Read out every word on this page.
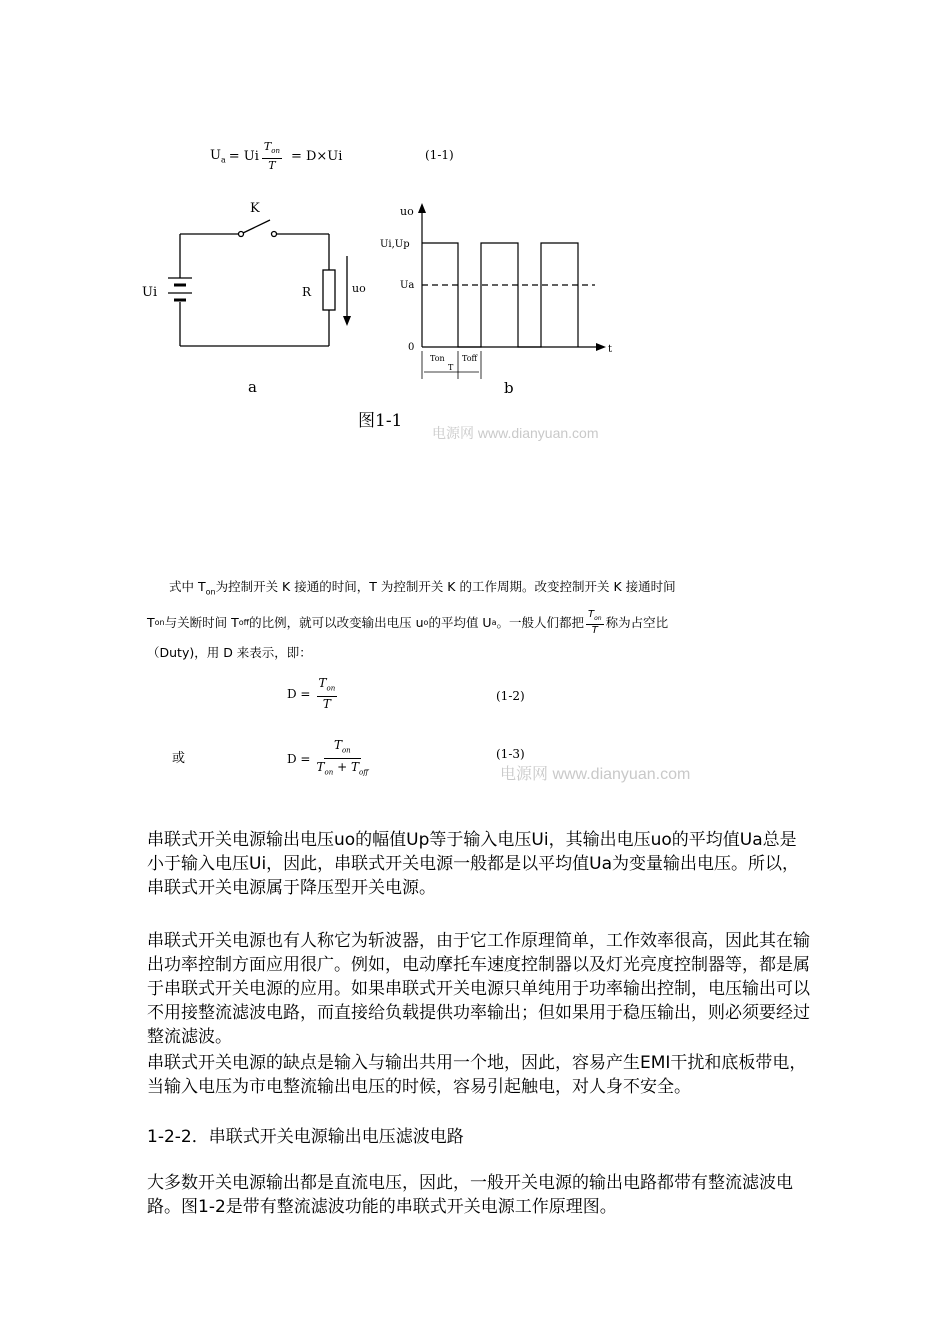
$U_a = Ui \frac{T_{on}}{T} = D\times Ui$	(1-1)
K
Ui	R	uo
a
uo
Ui,Up
Ua
0	t
Ton Toff
T
b
图1-1
电源网 www.dianyuan.com
式中 $T_{on}$为控制开关 K 接通的时间，T 为控制开关 K 的工作周期。改变控制开关 K 接通时间
T on 与关断时间 T off 的比例，就可以改变输出电压 u o 的平均值 U a 。一般人们都把 $\frac{T_{on}}{T}$ 称为占空比
（Duty)，用 D 来表示，即：
$D = \frac{T_{on}}{T}$	(1-2)
或	$D = \frac{T_{on}}{T_{on} + T_{off}}$	(1-3)
电源网 www.dianyuan.com
串联式开关电源输出电压uo的幅值Up等于输入电压Ui，其输出电压uo的平均值Ua总是小于输入电压Ui，因此，串联式开关电源一般都是以平均值Ua为变量输出电压。所以，串联式开关电源属于降压型开关电源。
串联式开关电源也有人称它为斩波器，由于它工作原理简单，工作效率很高，因此其在输出功率控制方面应用很广。例如，电动摩托车速度控制器以及灯光亮度控制器等，都是属于串联式开关电源的应用。如果串联式开关电源只单纯用于功率输出控制，电压输出可以不用接整流滤波电路，而直接给负载提供功率输出；但如果用于稳压输出，则必须要经过整流滤波。
串联式开关电源的缺点是输入与输出共用一个地，因此，容易产生EMI干扰和底板带电，当输入电压为市电整流输出电压的时候，容易引起触电，对人身不安全。
1-2-2．串联式开关电源输出电压滤波电路
大多数开关电源输出都是直流电压，因此，一般开关电源的输出电路都带有整流滤波电路。图1-2是带有整流滤波功能的串联式开关电源工作原理图。
